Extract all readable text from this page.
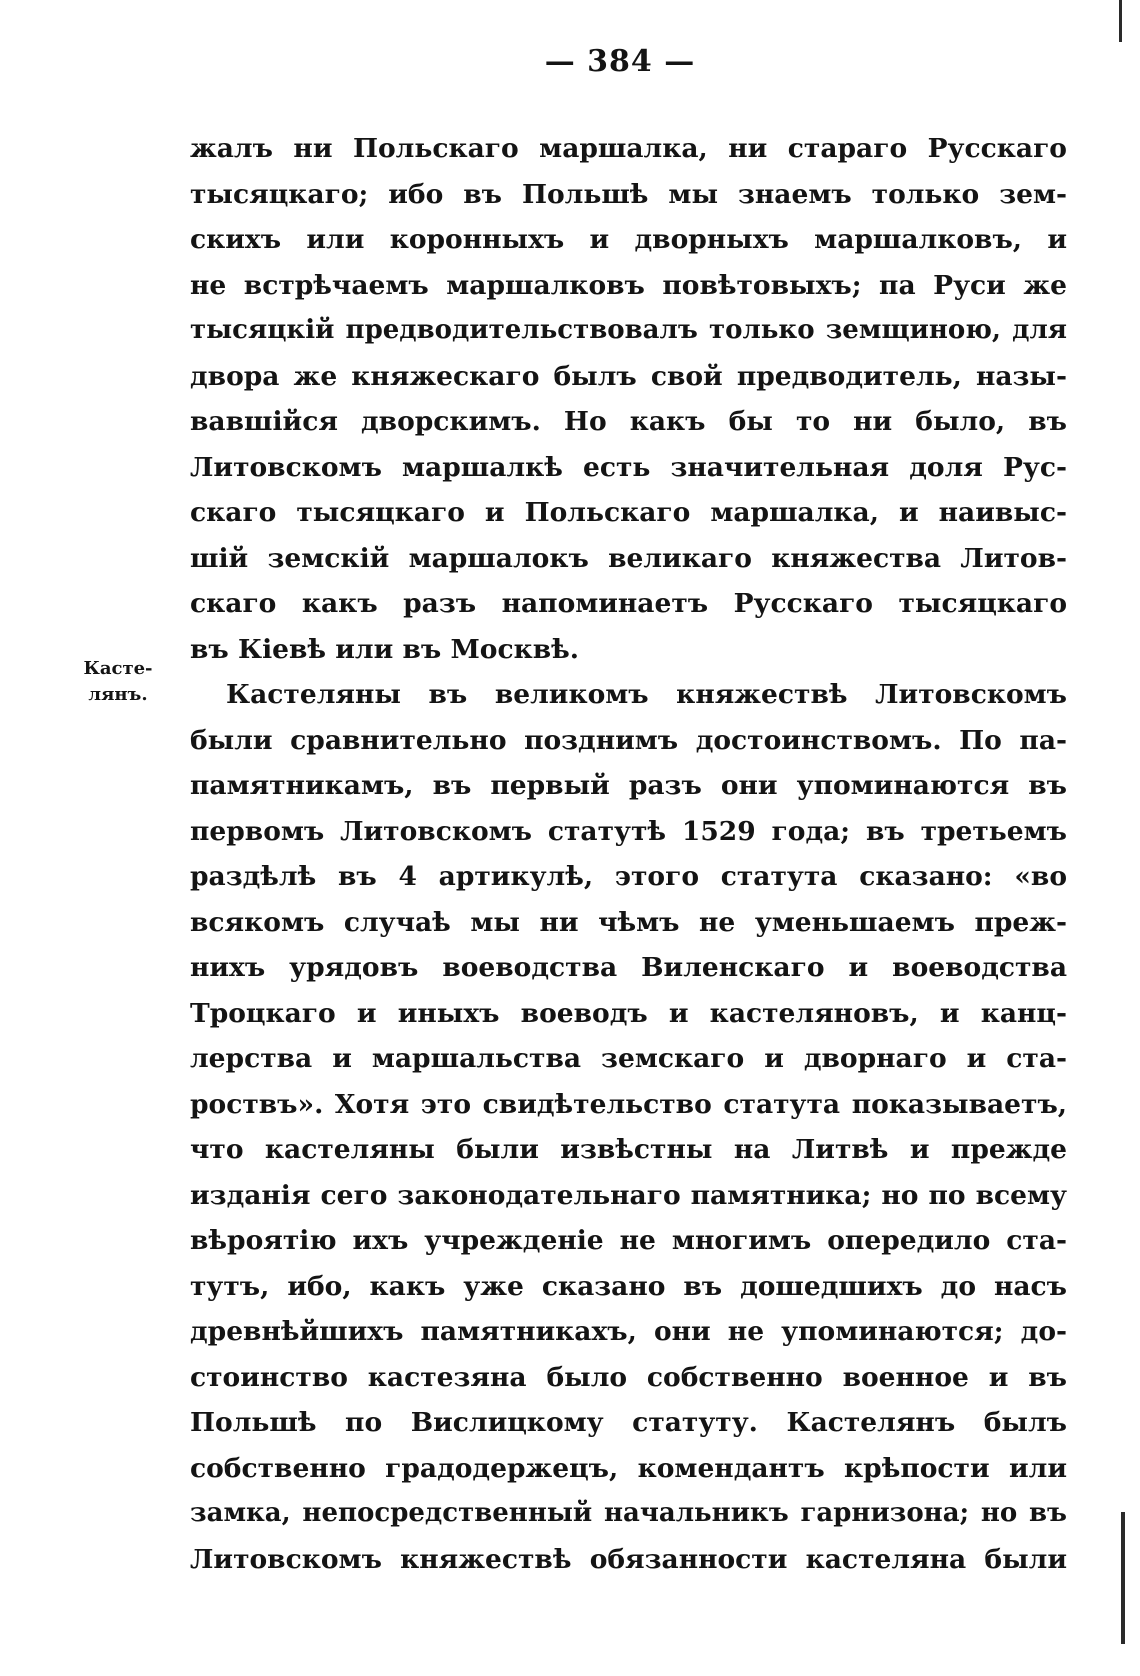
— 384 —
Касте-
лянъ.
жалъ ни Польскаго маршалка, ни стараго Русскаго
тысяцкаго; ибо въ Польшѣ мы знаемъ только зем-
скихъ или коронныхъ и дворныхъ маршалковъ, и
не встрѣчаемъ маршалковъ повѣтовыхъ; па Руси же
тысяцкій предводительствовалъ только земщиною, для
двора же княжескаго былъ свой предводитель, назы-
вавшійся дворскимъ. Но какъ бы то ни было, въ
Литовскомъ маршалкѣ есть значительная доля Рус-
скаго тысяцкаго и Польскаго маршалка, и наивыс-
шій земскій маршалокъ великаго княжества Литов-
скаго какъ разъ напоминаетъ Русскаго тысяцкаго
въ Кіевѣ или въ Москвѣ.
Кастеляны въ великомъ княжествѣ Литовскомъ
были сравнительно позднимъ достоинствомъ. По па-
памятникамъ, въ первый разъ они упоминаются въ
первомъ Литовскомъ статутѣ 1529 года; въ третьемъ
раздѣлѣ въ 4 артикулѣ, этого статута сказано: «во
всякомъ случаѣ мы ни чѣмъ не уменьшаемъ преж-
нихъ урядовъ воеводства Виленскаго и воеводства
Троцкаго и иныхъ воеводъ и кастеляновъ, и канц-
лерства и маршальства земскаго и дворнаго и ста-
роствъ». Хотя это свидѣтельство статута показываетъ,
что кастеляны были извѣстны на Литвѣ и прежде
изданія сего законодательнаго памятника; но по всему
вѣроятію ихъ учрежденіе не многимъ опередило ста-
тутъ, ибо, какъ уже сказано въ дошедшихъ до насъ
древнѣйшихъ памятникахъ, они не упоминаются; до-
стоинство кастезяна было собственно военное и въ
Польшѣ по Вислицкому статуту. Кастелянъ былъ
собственно градодержецъ, комендантъ крѣпости или
замка, непосредственный начальникъ гарнизона; но въ
Литовскомъ княжествѣ обязанности кастеляна были
